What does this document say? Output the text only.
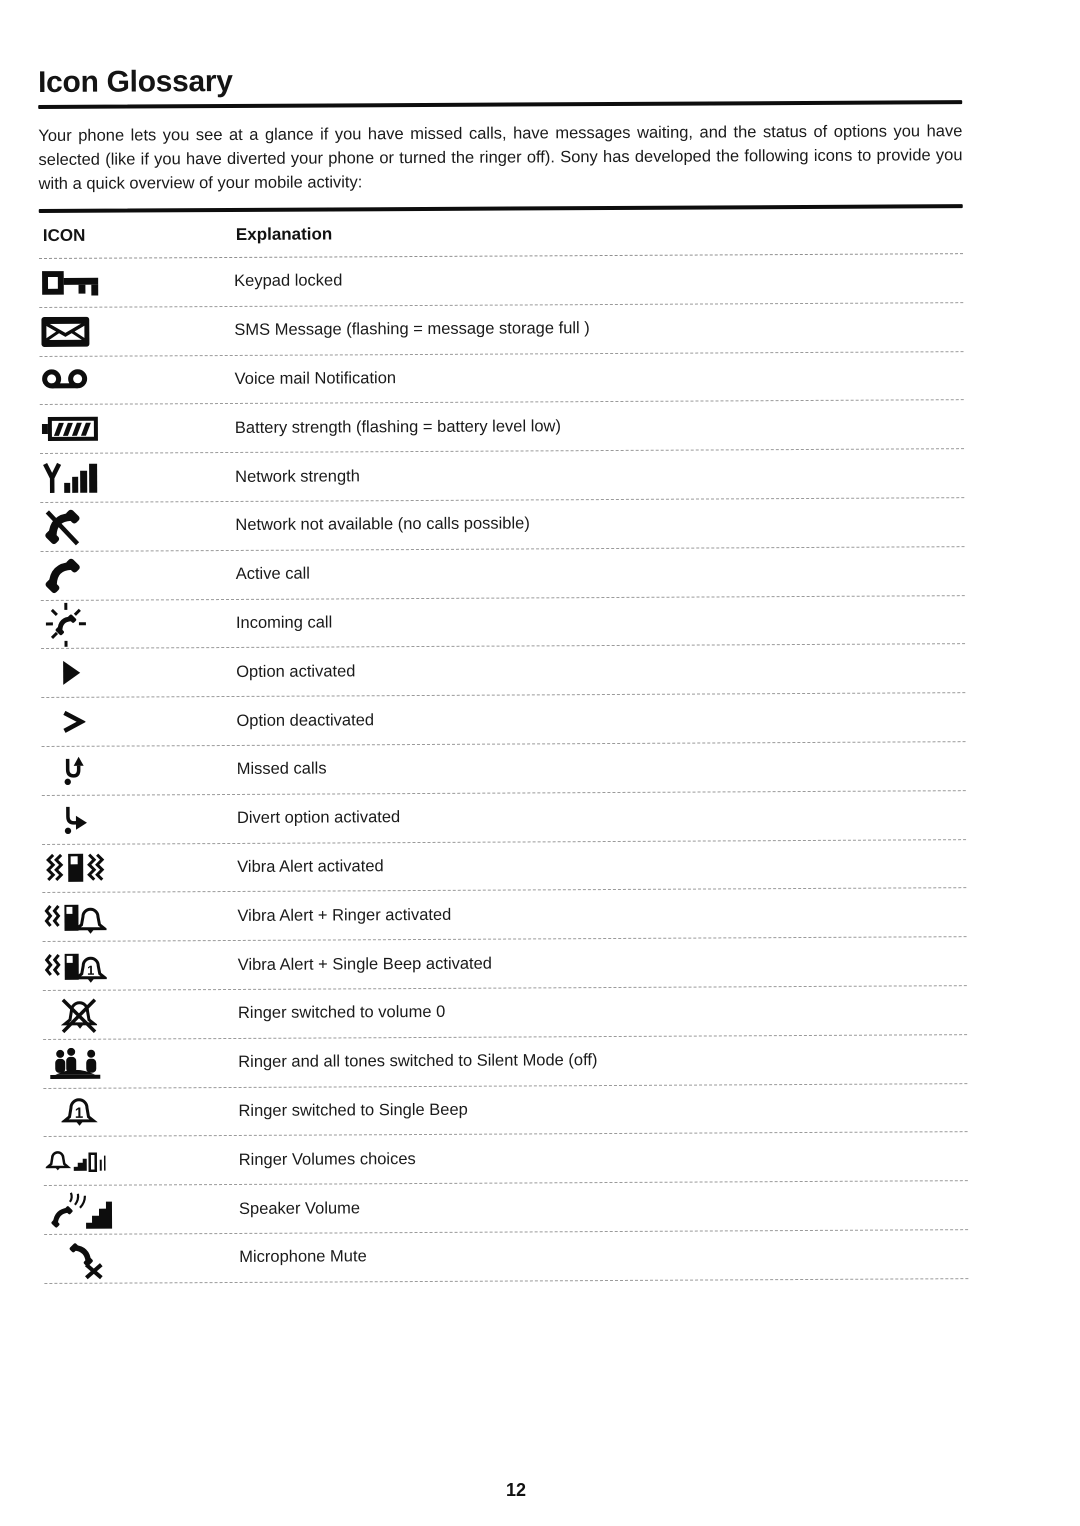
Icon Glossary

Your phone lets you see at a glance if you have missed calls, have messages waiting, and the status of options you have selected (like if you have diverted your phone or turned the ringer off). Sony has developed the following icons to provide you with a quick overview of your mobile activity:

ICON	Explanation
Keypad locked
SMS Message (flashing = message storage full )
Voice mail Notification
Battery strength (flashing = battery level low)
Network strength
Network not available (no calls possible)
Active call
Incoming call
Option activated
Option deactivated
Missed calls
Divert option activated
Vibra Alert activated
Vibra Alert + Ringer activated
1	Vibra Alert + Single Beep activated
Ringer switched to volume 0
Ringer and all tones switched to Silent Mode (off)
1	Ringer switched to Single Beep
Ringer Volumes choices
Speaker Volume
Microphone Mute
12
